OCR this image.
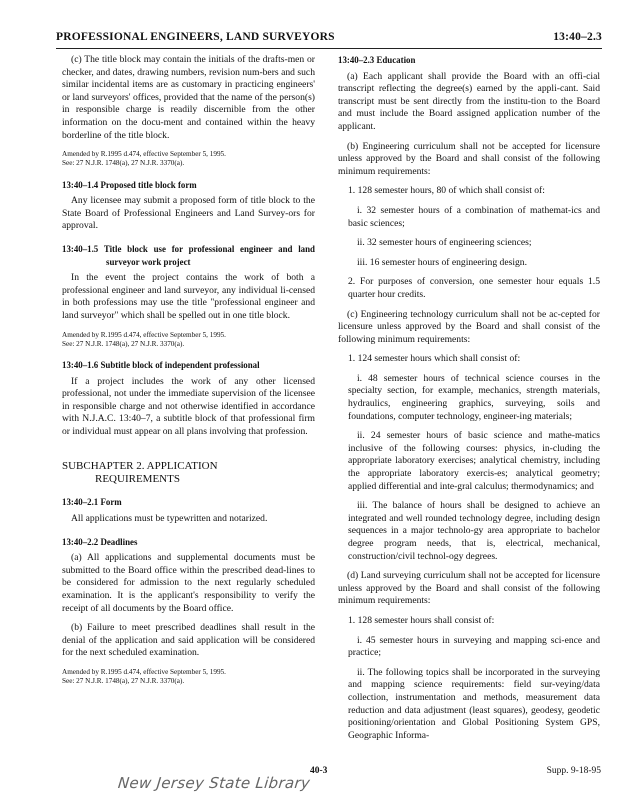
PROFESSIONAL ENGINEERS, LAND SURVEYORS	13:40–2.3

(c) The title block may contain the initials of the drafts-men or checker, and dates, drawing numbers, revision num-bers and such similar incidental items are as customary in practicing engineers' or land surveyors' offices, provided that the name of the person(s) in responsible charge is readily discernible from the other information on the docu-ment and contained within the heavy borderline of the title block.

Amended by R.1995 d.474, effective September 5, 1995.
See: 27 N.J.R. 1748(a), 27 N.J.R. 3370(a).
13:40–1.4 Proposed title block form

Any licensee may submit a proposed form of title block to the State Board of Professional Engineers and Land Survey-ors for approval.

13:40–1.5 Title block use for professional engineer and land surveyor work project

In the event the project contains the work of both a professional engineer and land surveyor, any individual li-censed in both professions may use the title "professional engineer and land surveyor" which shall be spelled out in one title block.

Amended by R.1995 d.474, effective September 5, 1995.
See: 27 N.J.R. 1748(a), 27 N.J.R. 3370(a).
13:40–1.6 Subtitle block of independent professional

If a project includes the work of any other licensed professional, not under the immediate supervision of the licensee in responsible charge and not otherwise identified in accordance with N.J.A.C. 13:40–7, a subtitle block of that professional firm or individual must appear on all plans involving that profession.

SUBCHAPTER 2. APPLICATION
REQUIREMENTS
13:40–2.1 Form

All applications must be typewritten and notarized.

13:40–2.2 Deadlines

(a) All applications and supplemental documents must be submitted to the Board office within the prescribed dead-lines to be considered for admission to the next regularly scheduled examination. It is the applicant's responsibility to verify the receipt of all documents by the Board office.

(b) Failure to meet prescribed deadlines shall result in the denial of the application and said application will be considered for the next scheduled examination.

Amended by R.1995 d.474, effective September 5, 1995.
See: 27 N.J.R. 1748(a), 27 N.J.R. 3370(a).
13:40–2.3 Education

(a) Each applicant shall provide the Board with an offi-cial transcript reflecting the degree(s) earned by the appli-cant. Said transcript must be sent directly from the institu-tion to the Board and must include the Board assigned application number of the applicant.

(b) Engineering curriculum shall not be accepted for licensure unless approved by the Board and shall consist of the following minimum requirements:

1. 128 semester hours, 80 of which shall consist of:

i. 32 semester hours of a combination of mathemat-ics and basic sciences;

ii. 32 semester hours of engineering sciences;

iii. 16 semester hours of engineering design.

2. For purposes of conversion, one semester hour equals 1.5 quarter hour credits.

(c) Engineering technology curriculum shall not be ac-cepted for licensure unless approved by the Board and shall consist of the following minimum requirements:

1. 124 semester hours which shall consist of:

i. 48 semester hours of technical science courses in the specialty section, for example, mechanics, strength materials, hydraulics, engineering graphics, surveying, soils and foundations, computer technology, engineer-ing materials;

ii. 24 semester hours of basic science and mathe-matics inclusive of the following courses: physics, in-cluding the appropriate laboratory exercises; analytical chemistry, including the appropriate laboratory exercis-es; analytical geometry; applied differential and inte-gral calculus; thermodynamics; and

iii. The balance of hours shall be designed to achieve an integrated and well rounded technology degree, including design sequences in a major technolo-gy area appropriate to bachelor degree program needs, that is, electrical, mechanical, construction/civil technol-ogy degrees.

(d) Land surveying curriculum shall not be accepted for licensure unless approved by the Board and shall consist of the following minimum requirements:

1. 128 semester hours shall consist of:

i. 45 semester hours in surveying and mapping sci-ence and practice;

ii. The following topics shall be incorporated in the surveying and mapping science requirements: field sur-veying/data collection, instrumentation and methods, measurement data reduction and data adjustment (least squares), geodesy, geodetic positioning/orientation and Global Positioning System GPS, Geographic Informa-

40-3	Supp. 9-18-95
New Jersey State Library
